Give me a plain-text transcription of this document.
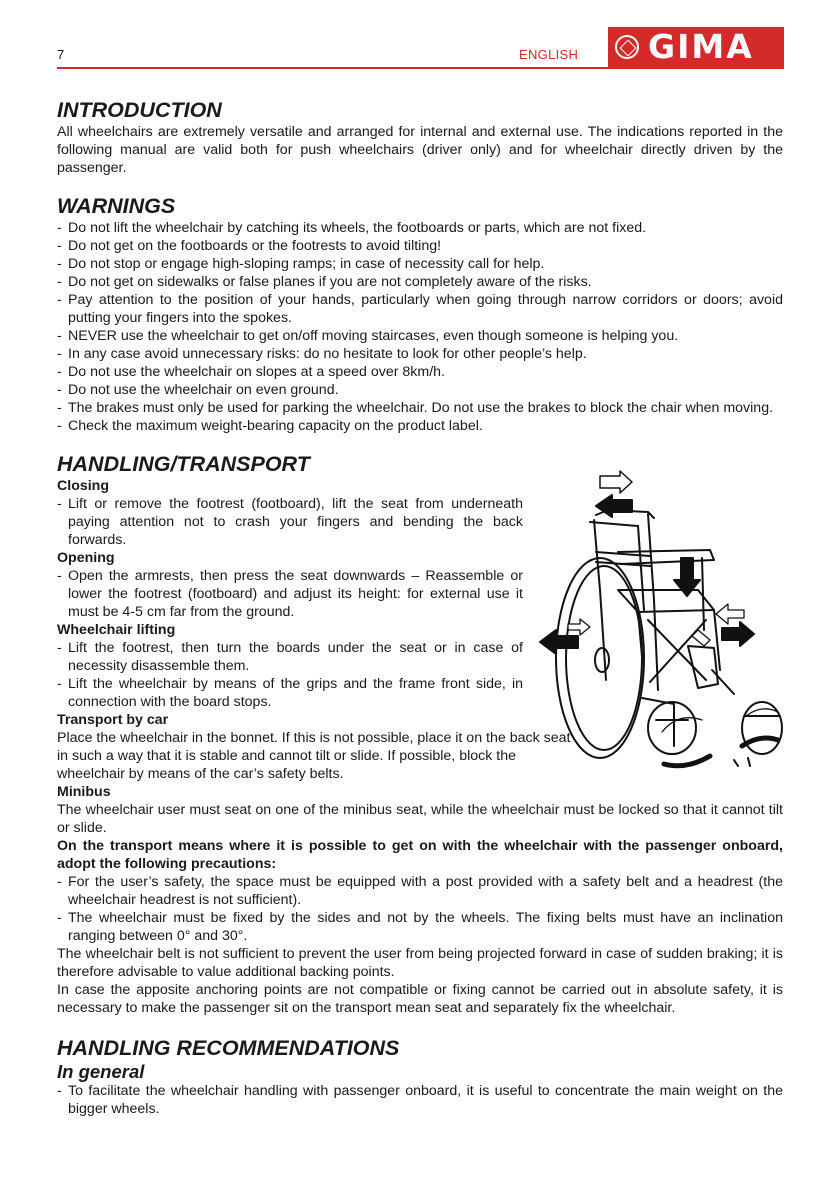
7	ENGLISH GIMA
INTRODUCTION

All wheelchairs are extremely versatile and arranged for internal and external use. The indications reported in the following manual are valid both for push wheelchairs (driver only) and for wheelchair directly driven by the passenger.

WARNINGS
- Do not lift the wheelchair by catching its wheels, the footboards or parts, which are not fixed.
- Do not get on the footboards or the footrests to avoid tilting!
- Do not stop or engage high-sloping ramps; in case of necessity call for help.
- Do not get on sidewalks or false planes if you are not completely aware of the risks.
- Pay attention to the position of your hands, particularly when going through narrow corridors or doors; avoid putting your fingers into the spokes.
- NEVER use the wheelchair to get on/off moving staircases, even though someone is helping you.
- In any case avoid unnecessary risks: do no hesitate to look for other people’s help.
- Do not use the wheelchair on slopes at a speed over 8km/h.
- Do not use the wheelchair on even ground.
- The brakes must only be used for parking the wheelchair. Do not use the brakes to block the chair when moving.
- Check the maximum weight-bearing capacity on the product label.
HANDLING/TRANSPORT
Closing
- Lift or remove the footrest (footboard), lift the seat from underneath paying attention not to crash your fingers and bending the back forwards.
Opening
- Open the armrests, then press the seat downwards – Reassemble or lower the footrest (footboard) and adjust its height: for external use it must be 4-5 cm far from the ground.
Wheelchair lifting
- Lift the footrest, then turn the boards under the seat or in case of necessity disassemble them.
- Lift the wheelchair by means of the grips and the frame front side, in connection with the board stops.
Transport by car

Place the wheelchair in the bonnet. If this is not possible, place it on the back seat in such a way that it is stable and cannot tilt or slide. If possible, block the wheelchair by means of the car’s safety belts.

Minibus

The wheelchair user must seat on one of the minibus seat, while the wheelchair must be locked so that it cannot tilt or slide.

On the transport means where it is possible to get on with the wheelchair with the passenger onboard, adopt the following precautions:

- For the user’s safety, the space must be equipped with a post provided with a safety belt and a headrest (the wheelchair headrest is not sufficient).
- The wheelchair must be fixed by the sides and not by the wheels. The fixing belts must have an inclination ranging between 0° and 30°.

The wheelchair belt is not sufficient to prevent the user from being projected forward in case of sudden braking; it is therefore advisable to value additional backing points.

In case the apposite anchoring points are not compatible or fixing cannot be carried out in absolute safety, it is necessary to make the passenger sit on the transport mean seat and separately fix the wheelchair.

HANDLING RECOMMENDATIONS
In general
- To facilitate the wheelchair handling with passenger onboard, it is useful to concentrate the main weight on the bigger wheels.
